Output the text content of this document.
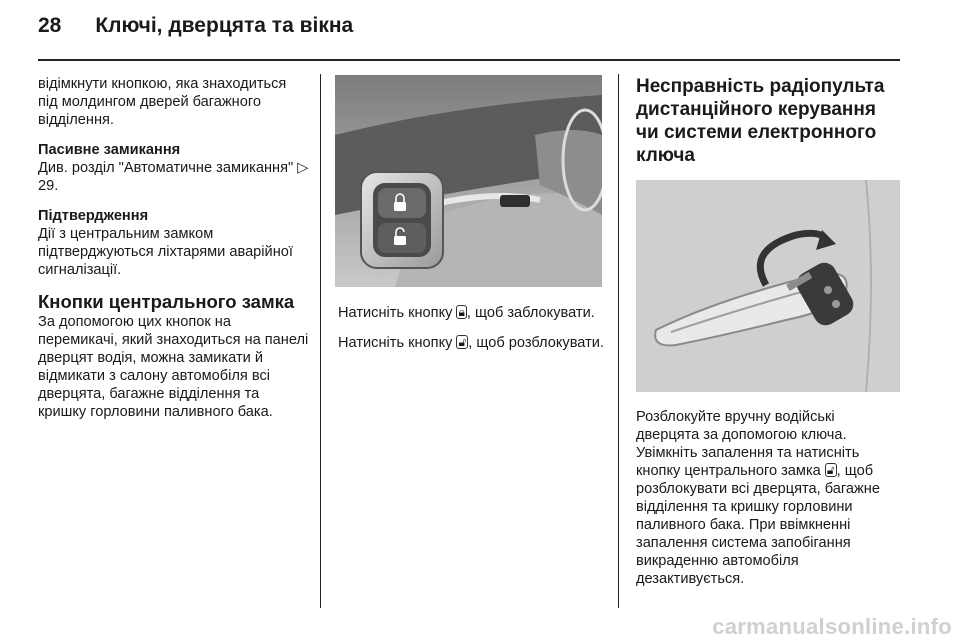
28 Ключі, дверцята та вікна

відімкнути кнопкою, яка знаходиться під молдингом дверей багажного відділення.

Пасивне замикання
Див. розділ "Автоматичне замикання" ▷ 29.

Підтвердження
Дії з центральним замком підтверджуються ліхтарями аварійної сигналізації.

Кнопки центрального замка
За допомогою цих кнопок на перемикачі, який знаходиться на панелі дверцят водія, можна замикати й відмикати з салону автомобіля всі дверцята, багажне відділення та кришку горловини паливного бака.

Натисніть кнопку 🔒︎ , щоб заблокувати.

Натисніть кнопку 🔓︎ , щоб розблокувати.

Несправність радіопульта дистанційного керування чи системи електронного ключа

Розблокуйте вручну водійські дверцята за допомогою ключа. Увімкніть запалення та натисніть кнопку центрального замка 🔓︎ , щоб розблокувати всі дверцята, багажне відділення та кришку горловини паливного бака. При ввімкненні запалення система запобігання викраденню автомобіля дезактивується.

carmanualsonline.info
